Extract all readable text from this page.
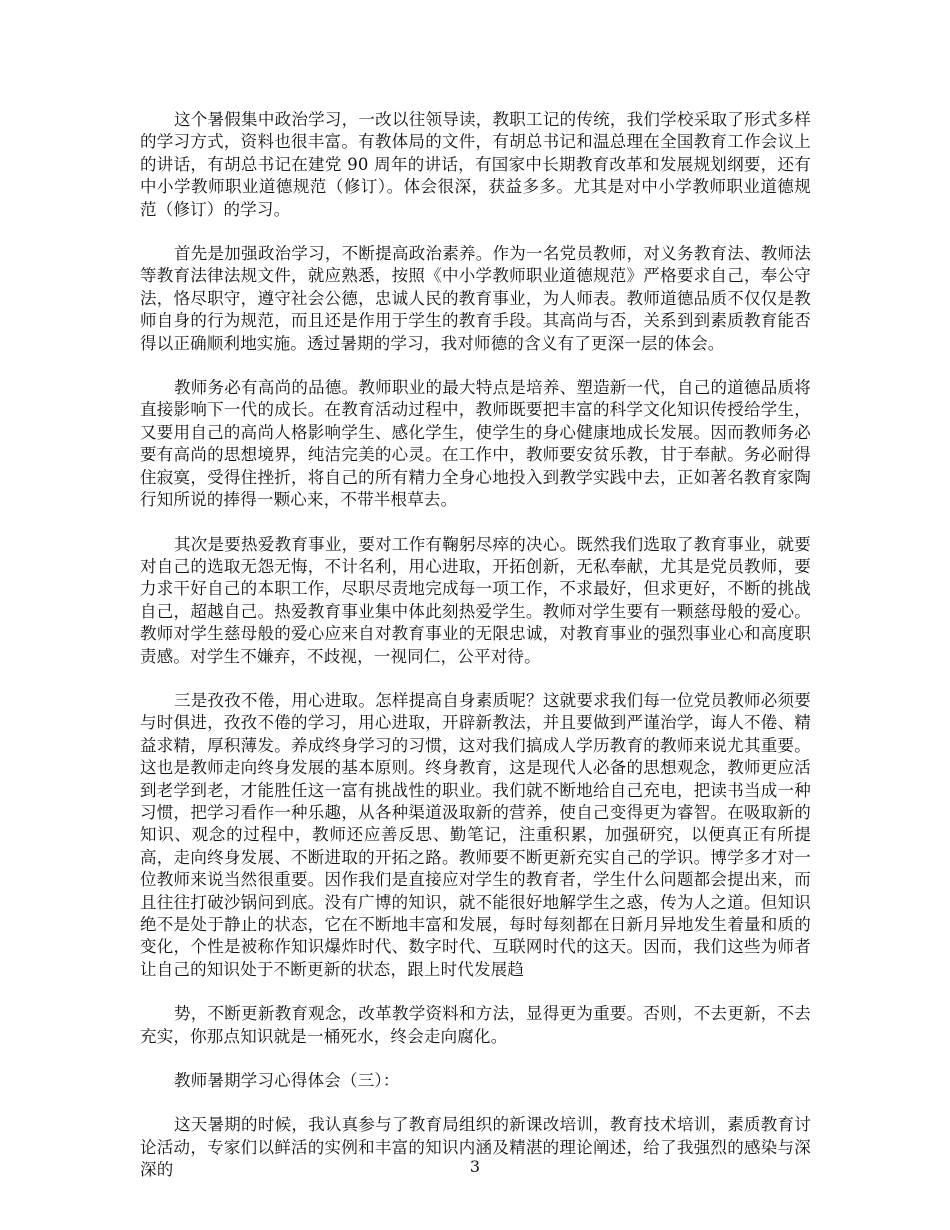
这个暑假集中政治学习，一改以往领导读，教职工记的传统，我们学校采取了形式多样的学习方式，资料也很丰富。有教体局的文件，有胡总书记和温总理在全国教育工作会议上的讲话，有胡总书记在建党 90 周年的讲话，有国家中长期教育改革和发展规划纲要，还有中小学教师职业道德规范（修订）。体会很深，获益多多。尤其是对中小学教师职业道德规范（修订）的学习。

首先是加强政治学习，不断提高政治素养。作为一名党员教师，对义务教育法、教师法等教育法律法规文件，就应熟悉，按照《中小学教师职业道德规范》严格要求自己，奉公守法，恪尽职守，遵守社会公德，忠诚人民的教育事业，为人师表。教师道德品质不仅仅是教师自身的行为规范，而且还是作用于学生的教育手段。其高尚与否，关系到到素质教育能否得以正确顺利地实施。透过暑期的学习，我对师德的含义有了更深一层的体会。

教师务必有高尚的品德。教师职业的最大特点是培养、塑造新一代，自己的道德品质将直接影响下一代的成长。在教育活动过程中，教师既要把丰富的科学文化知识传授给学生，又要用自己的高尚人格影响学生、感化学生，使学生的身心健康地成长发展。因而教师务必要有高尚的思想境界，纯洁完美的心灵。在工作中，教师要安贫乐教，甘于奉献。务必耐得住寂寞，受得住挫折，将自己的所有精力全身心地投入到教学实践中去，正如著名教育家陶行知所说的捧得一颗心来，不带半根草去。

其次是要热爱教育事业，要对工作有鞠躬尽瘁的决心。既然我们选取了教育事业，就要对自己的选取无怨无悔，不计名利，用心进取，开拓创新，无私奉献，尤其是党员教师，要力求干好自己的本职工作，尽职尽责地完成每一项工作，不求最好，但求更好，不断的挑战自己，超越自己。热爱教育事业集中体此刻热爱学生。教师对学生要有一颗慈母般的爱心。教师对学生慈母般的爱心应来自对教育事业的无限忠诚，对教育事业的强烈事业心和高度职责感。对学生不嫌弃，不歧视，一视同仁，公平对待。

三是孜孜不倦，用心进取。怎样提高自身素质呢？这就要求我们每一位党员教师必须要与时俱进，孜孜不倦的学习，用心进取，开辟新教法，并且要做到严谨治学，诲人不倦、精益求精，厚积薄发。养成终身学习的习惯，这对我们搞成人学历教育的教师来说尤其重要。这也是教师走向终身发展的基本原则。终身教育，这是现代人必备的思想观念，教师更应活到老学到老，才能胜任这一富有挑战性的职业。我们就不断地给自己充电，把读书当成一种习惯，把学习看作一种乐趣，从各种渠道汲取新的营养，使自己变得更为睿智。在吸取新的知识、观念的过程中，教师还应善反思、勤笔记，注重积累，加强研究，以便真正有所提高，走向终身发展、不断进取的开拓之路。教师要不断更新充实自己的学识。博学多才对一位教师来说当然很重要。因作我们是直接应对学生的教育者，学生什么问题都会提出来，而且往往打破沙锅问到底。没有广博的知识，就不能很好地解学生之惑，传为人之道。但知识绝不是处于静止的状态，它在不断地丰富和发展，每时每刻都在日新月异地发生着量和质的变化，个性是被称作知识爆炸时代、数字时代、互联网时代的这天。因而，我们这些为师者让自己的知识处于不断更新的状态，跟上时代发展趋

势，不断更新教育观念，改革教学资料和方法，显得更为重要。否则，不去更新，不去充实，你那点知识就是一桶死水，终会走向腐化。

教师暑期学习心得体会（三）：

这天暑期的时候，我认真参与了教育局组织的新课改培训，教育技术培训，素质教育讨论活动，专家们以鲜活的实例和丰富的知识内涵及精湛的理论阐述，给了我强烈的感染与深深的	3
